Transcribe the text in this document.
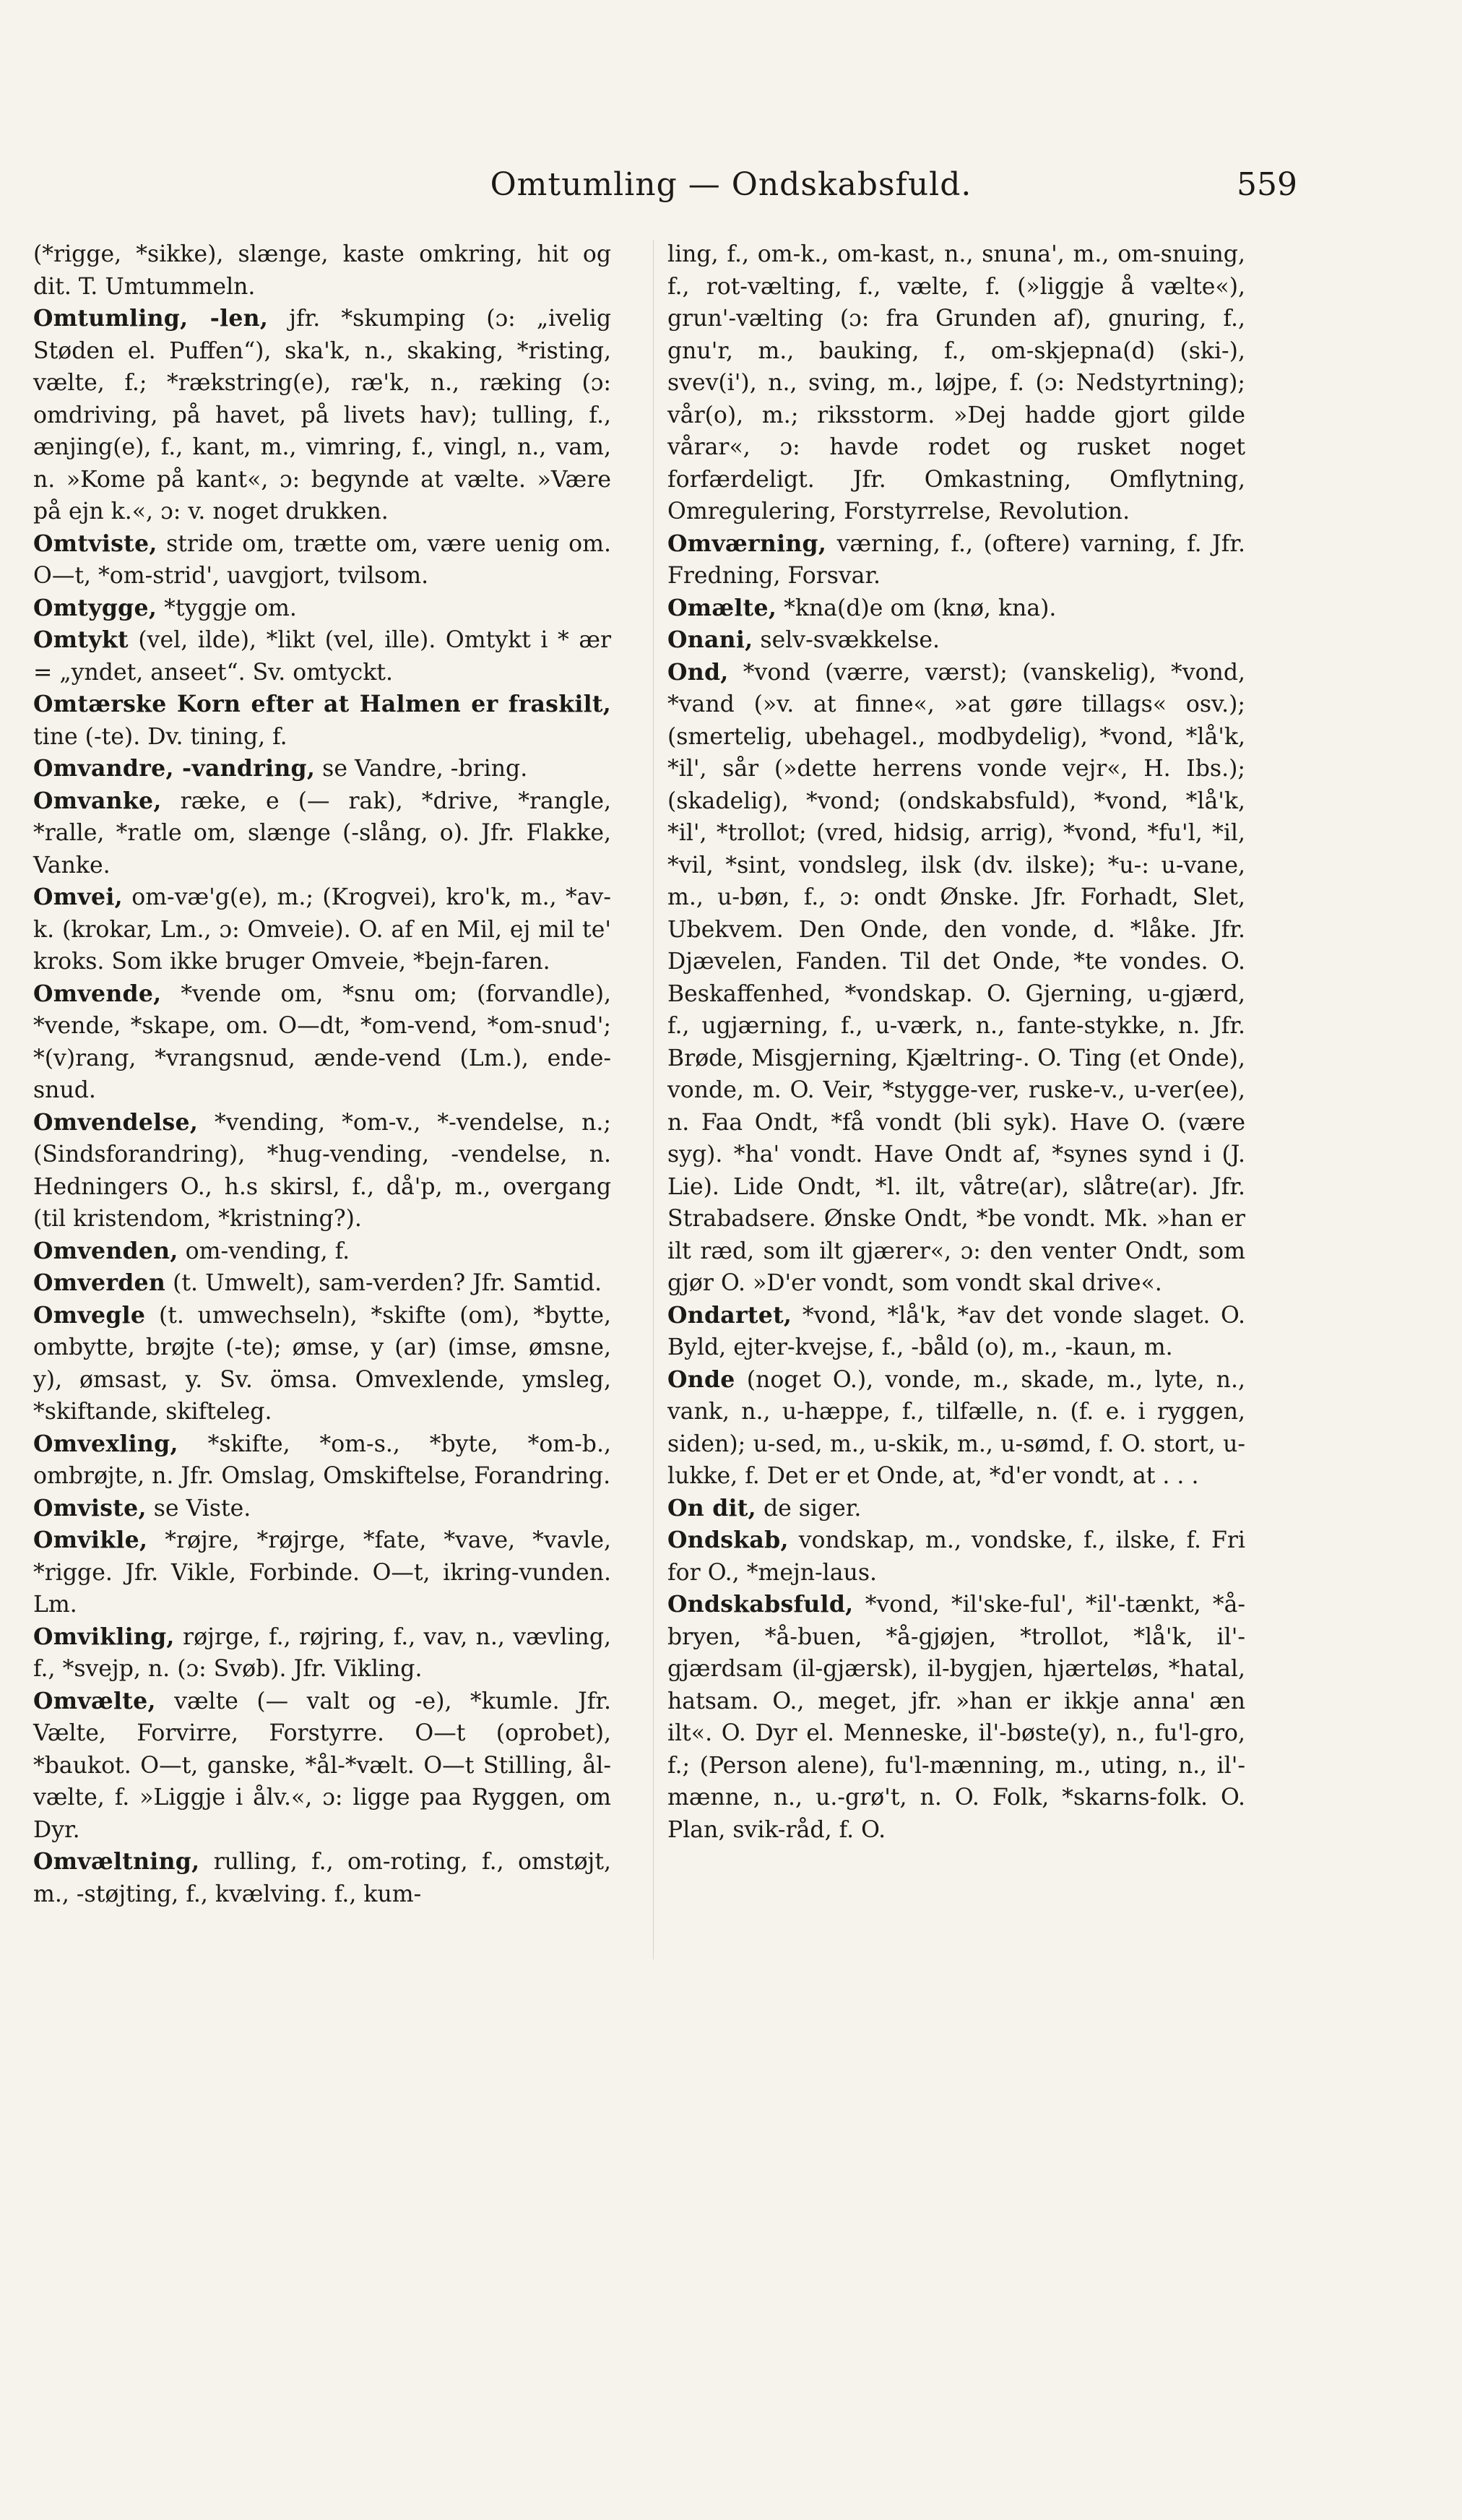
Omtumling — Ondskabsfuld.	559

(*rigge, *sikke), slænge, kaste omkring, hit og dit. T. Umtummeln.

Omtumling, -len, jfr. *skumping (ɔ: „ivelig Støden el. Puffen“), ska'k, n., skaking, *risting, vælte, f.; *rækstring(e), ræ'k, n., ræking (ɔ: omdriving, på havet, på livets hav); tulling, f., ænjing(e), f., kant, m., vimring, f., vingl, n., vam, n. »Kome på kant«, ɔ: begynde at vælte. »Være på ejn k.«, ɔ: v. noget drukken.

Omtviste, stride om, trætte om, være uenig om. O—t, *om-strid', uavgjort, tvilsom.

Omtygge, *tyggje om.

Omtykt (vel, ilde), *likt (vel, ille). Omtykt i * ær = „yndet, anseet“. Sv. omtyckt.

Omtærske Korn efter at Halmen er fraskilt, tine (-te). Dv. tining, f.

Omvandre, -vandring, se Vandre, -bring.

Omvanke, ræke, e (— rak), *drive, *rangle, *ralle, *ratle om, slænge (-slång, o). Jfr. Flakke, Vanke.

Omvei, om-væ'g(e), m.; (Krogvei), kro'k, m., *av-k. (krokar, Lm., ɔ: Omveie). O. af en Mil, ej mil te' kroks. Som ikke bruger Omveie, *bejn-faren.

Omvende, *vende om, *snu om; (forvandle), *vende, *skape, om. O—dt, *om-vend, *om-snud'; *(v)rang, *vrangsnud, ænde-vend (Lm.), ende-snud.

Omvendelse, *vending, *om-v., *-vendelse, n.; (Sindsforandring), *hug-vending, -vendelse, n. Hedningers O., h.s skirsl, f., då'p, m., overgang (til kristendom, *kristning?).

Omvenden, om-vending, f.

Omverden (t. Umwelt), sam-verden? Jfr. Samtid.

Omvegle (t. umwechseln), *skifte (om), *bytte, ombytte, brøjte (-te); ømse, y (ar) (imse, ømsne, y), ømsast, y. Sv. ömsa. Omvexlende, ymsleg, *skiftande, skifteleg.

Omvexling, *skifte, *om-s., *byte, *om-b., ombrøjte, n. Jfr. Omslag, Omskiftelse, Forandring.

Omviste, se Viste.

Omvikle, *røjre, *røjrge, *fate, *vave, *vavle, *rigge. Jfr. Vikle, Forbinde. O—t, ikring-vunden. Lm.

Omvikling, røjrge, f., røjring, f., vav, n., vævling, f., *svejp, n. (ɔ: Svøb). Jfr. Vikling.

Omvælte, vælte (— valt og -e), *kumle. Jfr. Vælte, Forvirre, Forstyrre. O—t (oprobet), *baukot. O—t, ganske, *ål-*vælt. O—t Stilling, ål-vælte, f. »Liggje i ålv.«, ɔ: ligge paa Ryggen, om Dyr.

Omvæltning, rulling, f., om-roting, f., omstøjt, m., -støjting, f., kvælving. f., kum-

ling, f., om-k., om-kast, n., snuna', m., om-snuing, f., rot-vælting, f., vælte, f. (»liggje å vælte«), grun'-vælting (ɔ: fra Grunden af), gnuring, f., gnu'r, m., bauking, f., om-skjepna(d) (ski-), svev(i'), n., sving, m., løjpe, f. (ɔ: Nedstyrtning); vår(o), m.; riksstorm. »Dej hadde gjort gilde vårar«, ɔ: havde rodet og rusket noget forfærdeligt. Jfr. Omkastning, Omflytning, Omregulering, Forstyrrelse, Revolution.

Omværning, værning, f., (oftere) varning, f. Jfr. Fredning, Forsvar.

Omælte, *kna(d)e om (knø, kna).

Onani, selv-svækkelse.

Ond, *vond (værre, værst); (vanskelig), *vond, *vand (»v. at finne«, »at gøre tillags« osv.); (smertelig, ubehagel., modbydelig), *vond, *lå'k, *il', sår (»dette herrens vonde vejr«, H. Ibs.); (skadelig), *vond; (ondskabsfuld), *vond, *lå'k, *il', *trollot; (vred, hidsig, arrig), *vond, *fu'l, *il, *vil, *sint, vondsleg, ilsk (dv. ilske); *u-: u-vane, m., u-bøn, f., ɔ: ondt Ønske. Jfr. Forhadt, Slet, Ubekvem. Den Onde, den vonde, d. *låke. Jfr. Djævelen, Fanden. Til det Onde, *te vondes. O. Beskaffenhed, *vondskap. O. Gjerning, u-gjærd, f., ugjærning, f., u-værk, n., fante-stykke, n. Jfr. Brøde, Misgjerning, Kjæltring-. O. Ting (et Onde), vonde, m. O. Veir, *stygge-ver, ruske-v., u-ver(ee), n. Faa Ondt, *få vondt (bli syk). Have O. (være syg). *ha' vondt. Have Ondt af, *synes synd i (J. Lie). Lide Ondt, *l. ilt, våtre(ar), slåtre(ar). Jfr. Strabadsere. Ønske Ondt, *be vondt. Mk. »han er ilt ræd, som ilt gjærer«, ɔ: den venter Ondt, som gjør O. »D'er vondt, som vondt skal drive«.

Ondartet, *vond, *lå'k, *av det vonde slaget. O. Byld, ejter-kvejse, f., -båld (o), m., -kaun, m.

Onde (noget O.), vonde, m., skade, m., lyte, n., vank, n., u-hæppe, f., tilfælle, n. (f. e. i ryggen, siden); u-sed, m., u-skik, m., u-sømd, f. O. stort, u-lukke, f. Det er et Onde, at, *d'er vondt, at . . .

On dit, de siger.

Ondskab, vondskap, m., vondske, f., ilske, f. Fri for O., *mejn-laus.

Ondskabsfuld, *vond, *il'ske-ful', *il'-tænkt, *å-bryen, *å-buen, *å-gjøjen, *trollot, *lå'k, il'-gjærdsam (il-gjærsk), il-bygjen, hjærteløs, *hatal, hatsam. O., meget, jfr. »han er ikkje anna' æn ilt«. O. Dyr el. Menneske, il'-bøste(y), n., fu'l-gro, f.; (Person alene), fu'l-mænning, m., uting, n., il'-mænne, n., u.-grø't, n. O. Folk, *skarns-folk. O. Plan, svik-råd, f. O.
